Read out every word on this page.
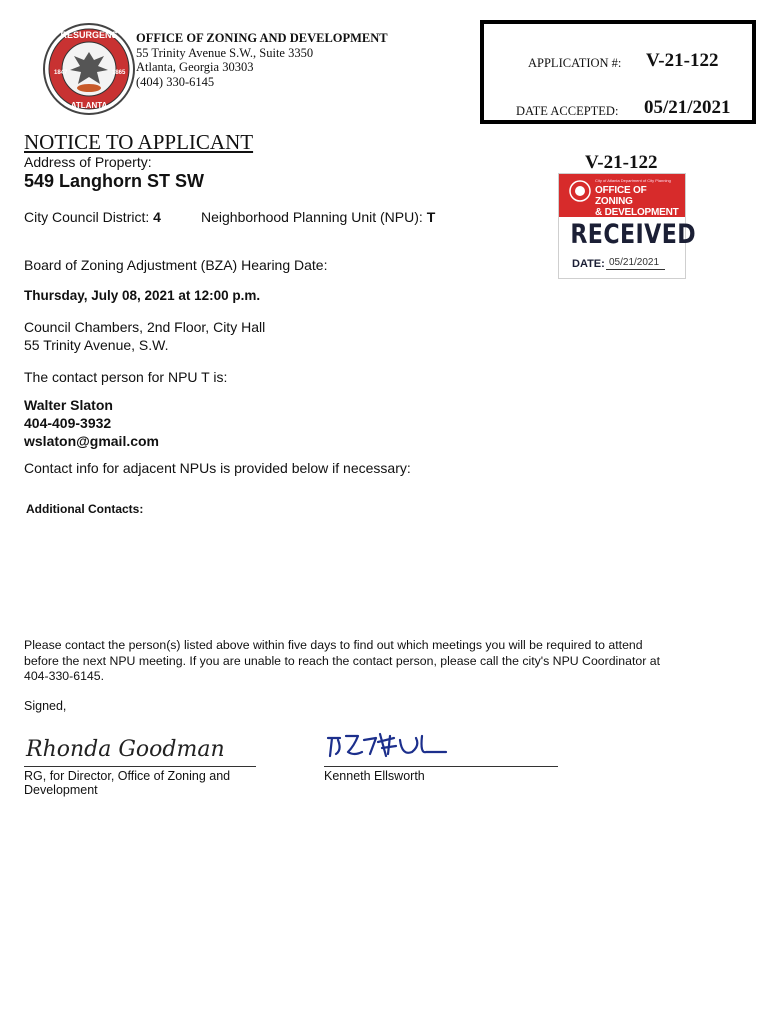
RESURGENS
ATLANTA
1847	1865
OFFICE OF ZONING AND DEVELOPMENT
55 Trinity Avenue S.W., Suite 3350
Atlanta, Georgia 30303
(404) 330-6145
APPLICATION #: V-21-122
DATE ACCEPTED: 05/21/2021
NOTICE TO APPLICANT
Address of Property:
549 Langhorn ST SW
City Council District: 4	Neighborhood Planning Unit (NPU): T
Board of Zoning Adjustment (BZA) Hearing Date:
Thursday, July 08, 2021 at 12:00 p.m.
Council Chambers, 2nd Floor, City Hall
55 Trinity Avenue, S.W.
The contact person for NPU T is:
Walter Slaton
404-409-3932
wslaton@gmail.com
Contact info for adjacent NPUs is provided below if necessary:
Additional Contacts:
Please contact the person(s) listed above within five days to find out which meetings you will be required to attend
before the next NPU meeting. If you are unable to reach the contact person, please call the city's NPU Coordinator at
404-330-6145.
Signed,
V-21-122
City of Atlanta Department of City Planning
OFFICE OF ZONING
& DEVELOPMENT
RECEIVED
DATE: 05/21/2021
Rhonda Goodman
RG, for Director, Office of Zoning and
Development
Kenneth Ellsworth
